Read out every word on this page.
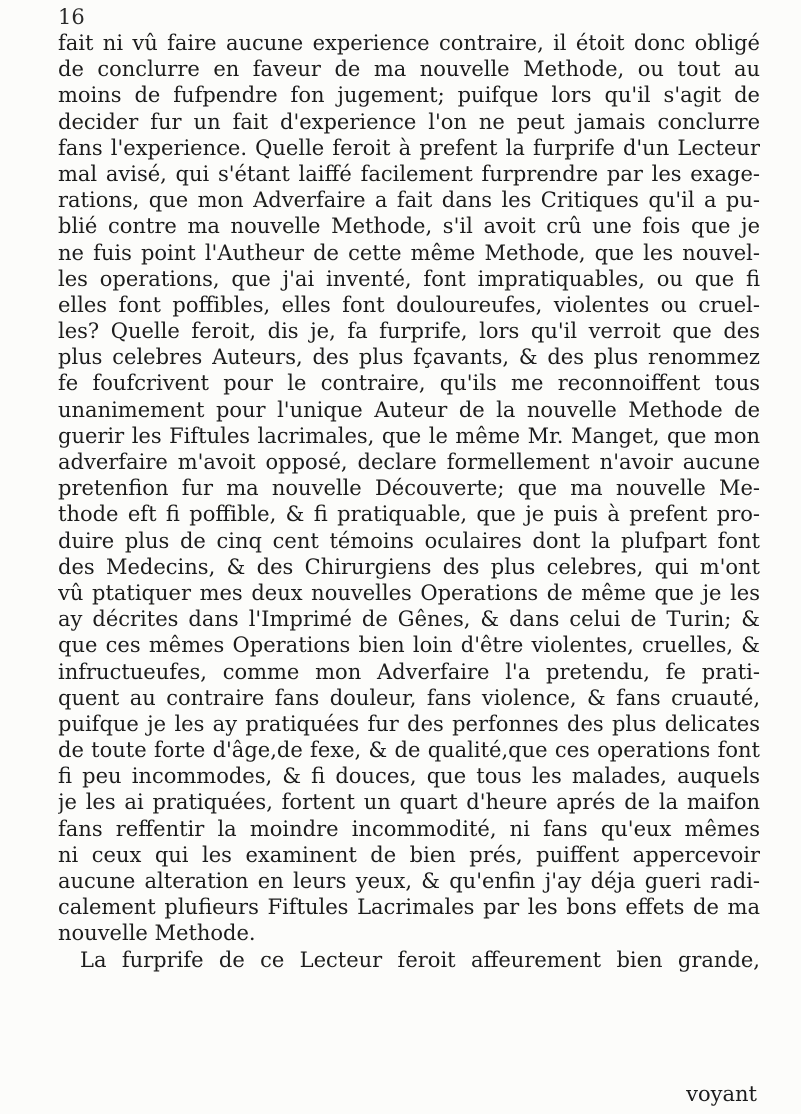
16
fait ni vû faire aucune experience contraire, il étoit donc obligé
de conclurre en faveur de ma nouvelle Methode, ou tout au
moins de fufpendre fon jugement; puifque lors qu'il s'agit de
decider fur un fait d'experience l'on ne peut jamais conclurre
fans l'experience. Quelle feroit à prefent la furprife d'un Lecteur
mal avisé, qui s'étant laiffé facilement furprendre par les exage-
rations, que mon Adverfaire a fait dans les Critiques qu'il a pu-
blié contre ma nouvelle Methode, s'il avoit crû une fois que je
ne fuis point l'Autheur de cette même Methode, que les nouvel-
les operations, que j'ai inventé, font impratiquables, ou que fi
elles font poffibles, elles font douloureufes, violentes ou cruel-
les? Quelle feroit, dis je, fa furprife, lors qu'il verroit que des
plus celebres Auteurs, des plus fçavants, & des plus renommez
fe foufcrivent pour le contraire, qu'ils me reconnoiffent tous
unanimement pour l'unique Auteur de la nouvelle Methode de
guerir les Fiftules lacrimales, que le même Mr. Manget, que mon
adverfaire m'avoit opposé, declare formellement n'avoir aucune
pretenfion fur ma nouvelle Découverte; que ma nouvelle Me-
thode eft fi poffible, & fi pratiquable, que je puis à prefent pro-
duire plus de cinq cent témoins oculaires dont la plufpart font
des Medecins, & des Chirurgiens des plus celebres, qui m'ont
vû ptatiquer mes deux nouvelles Operations de même que je les
ay décrites dans l'Imprimé de Gênes, & dans celui de Turin; &
que ces mêmes Operations bien loin d'être violentes, cruelles, &
infructueufes, comme mon Adverfaire l'a pretendu, fe prati-
quent au contraire fans douleur, fans violence, & fans cruauté,
puifque je les ay pratiquées fur des perfonnes des plus delicates
de toute forte d'âge,de fexe, & de qualité,que ces operations font
fi peu incommodes, & fi douces, que tous les malades, auquels
je les ai pratiquées, fortent un quart d'heure aprés de la maifon
fans reffentir la moindre incommodité, ni fans qu'eux mêmes
ni ceux qui les examinent de bien prés, puiffent appercevoir
aucune alteration en leurs yeux, & qu'enfin j'ay déja gueri radi-
calement plufieurs Fiftules Lacrimales par les bons effets de ma
nouvelle Methode.
La furprife de ce Lecteur feroit affeurement bien grande,
voyant
